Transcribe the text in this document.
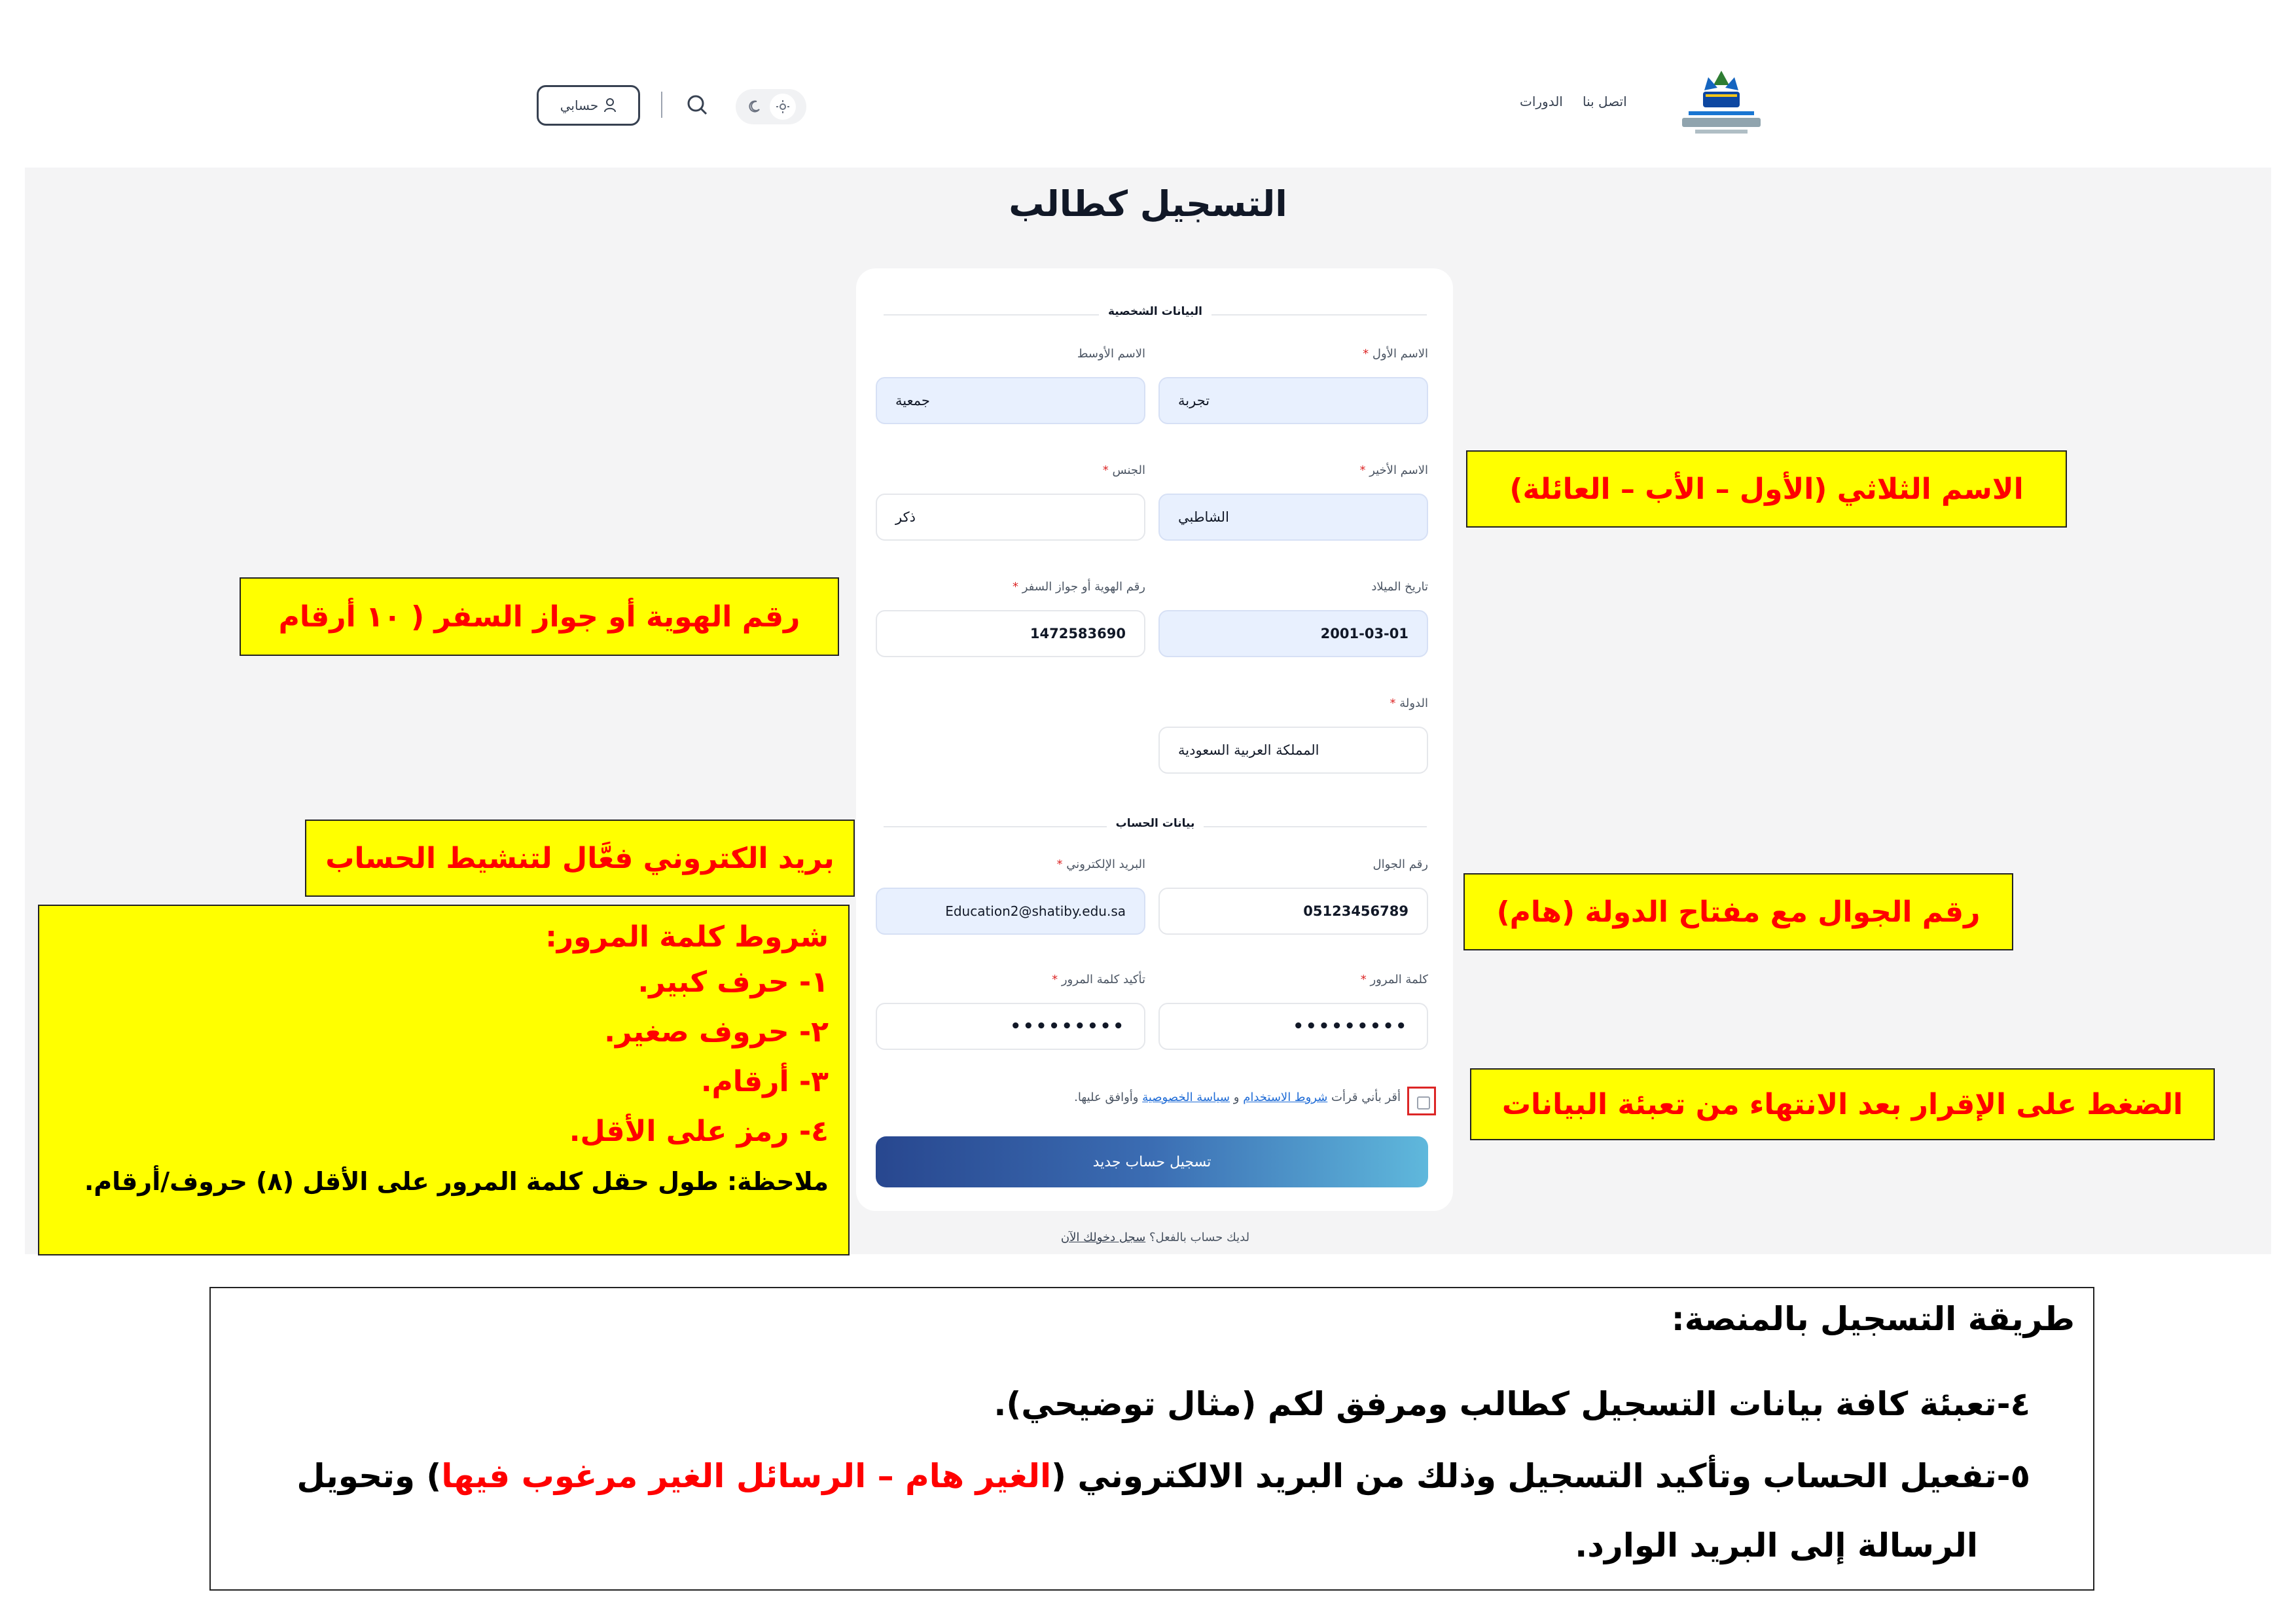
اتصل بنا
الدورات
حسابي
التسجيل كطالب
البيانات الشخصية
الاسم الأول *
تجربة
الاسم الأوسط
جمعية
الاسم الأخير *
الشاطبي
الجنس *
ذكر
تاريخ الميلاد
2001-03-01
رقم الهوية أو جواز السفر *
1472583690
الدولة *
المملكة العربية السعودية
بيانات الحساب
رقم الجوال
05123456789
البريد الإلكتروني *
Education2@shatiby.edu.sa
كلمة المرور *
•••••••••
تأكيد كلمة المرور *
•••••••••
أقر بأني قرأت شروط الاستخدام و سياسة الخصوصية وأوافق عليها.
تسجيل حساب جديد
لديك حساب بالفعل؟ سجل دخولك الآن
الاسم الثلاثي (الأول – الأب – العائلة)
رقم الهوية أو جواز السفر ( ١٠ أرقام
بريد الكتروني فعَّال لتنشيط الحساب
رقم الجوال مع مفتاح الدولة (هام)
الضغط على الإقرار بعد الانتهاء من تعبئة البيانات
شروط كلمة المرور:
١- حرف كبير.
٢- حروف صغير.
٣- أرقام.
٤- رمز على الأقل.
ملاحظة: طول حقل كلمة المرور على الأقل (٨) حروف/أرقام.
طريقة التسجيل بالمنصة:
٤-تعبئة كافة بيانات التسجيل كطالب ومرفق لكم (مثال توضيحي).
٥-تفعيل الحساب وتأكيد التسجيل وذلك من البريد الالكتروني (الغير هام – الرسائل الغير مرغوب فيها) وتحويل
الرسالة إلى البريد الوارد.
